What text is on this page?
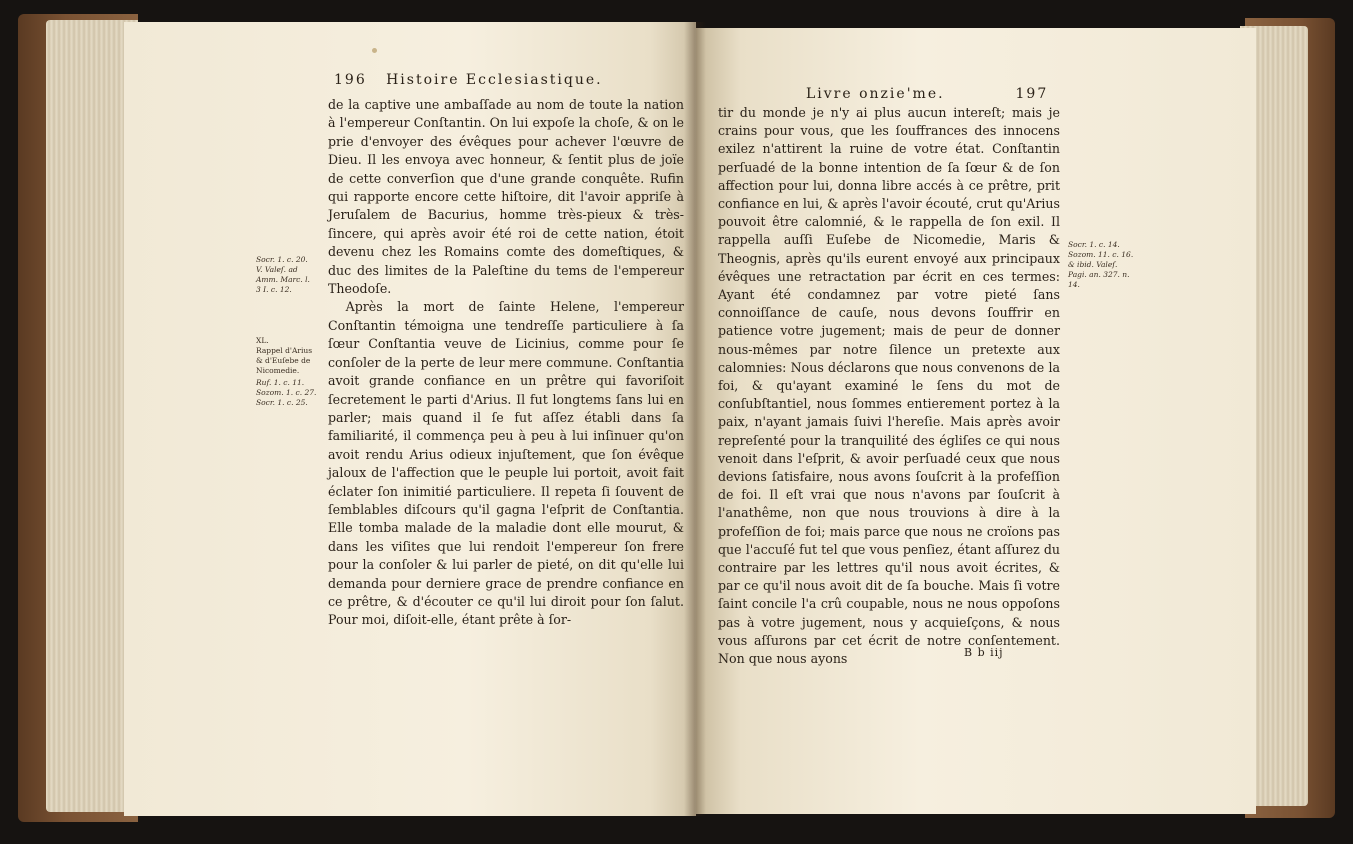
196 Histoire Ecclesiastique.

de la captive une ambaſſade au nom de toute la nation à l'empereur Conſtantin. On lui expoſe la choſe, & on le prie d'envoyer des évêques pour achever l'œuvre de Dieu. Il les envoya avec honneur, & ſentit plus de joïe de cette converſion que d'une grande conquête. Rufin qui rapporte encore cette hiſtoire, dit l'avoir appriſe à Jeruſalem de Bacurius, homme très-pieux & très-ſincere, qui après avoir été roi de cette nation, étoit devenu chez les Romains comte des domeſtiques, & duc des limites de la Paleſtine du tems de l'empereur Theodoſe.

Après la mort de ſainte Helene, l'empereur Conſtantin témoigna une tendreſſe particuliere à ſa ſœur Conſtantia veuve de Licinius, comme pour ſe conſoler de la perte de leur mere commune. Conſtantia avoit grande confiance en un prêtre qui favoriſoit ſecretement le parti d'Arius. Il fut longtems ſans lui en parler; mais quand il ſe fut aſſez établi dans ſa familiarité, il commença peu à peu à lui inſinuer qu'on avoit rendu Arius odieux injuſtement, que ſon évêque jaloux de l'affection que le peuple lui portoit, avoit fait éclater ſon inimitié particuliere. Il repeta ſi ſouvent de ſemblables diſcours qu'il gagna l'eſprit de Conſtantia. Elle tomba malade de la maladie dont elle mourut, & dans les viſites que lui rendoit l'empereur ſon frere pour la conſoler & lui parler de pieté, on dit qu'elle lui demanda pour derniere grace de prendre confiance en ce prêtre, & d'écouter ce qu'il lui diroit pour ſon ſalut. Pour moi, diſoit-elle, étant prête à ſor-

Socr. 1. c. 20.
V. Valeſ. ad
Amm. Marc. l.
3 I. c. 12.
XL.
Rappel d'Arius
& d'Euſebe de
Nicomedie.
Ruf. 1. c. 11.
Sozom. 1. c. 27.
Socr. 1. c. 25.
Livre onzie'me.	197

tir du monde je n'y ai plus aucun intereſt; mais je crains pour vous, que les ſouffrances des innocens exilez n'attirent la ruine de votre état. Conſtantin perſuadé de la bonne intention de ſa ſœur & de ſon affection pour lui, donna libre accés à ce prêtre, prit confiance en lui, & après l'avoir écouté, crut qu'Arius pouvoit être calomnié, & le rappella de ſon exil. Il rappella auſſi Euſebe de Nicomedie, Maris & Theognis, après qu'ils eurent envoyé aux principaux évêques une retractation par écrit en ces termes: Ayant été condamnez par votre pieté ſans connoiſſance de cauſe, nous devons ſouffrir en patience votre jugement; mais de peur de donner nous-mêmes par notre ſilence un pretexte aux calomnies: Nous déclarons que nous convenons de la foi, & qu'ayant examiné le ſens du mot de conſubſtantiel, nous ſommes entierement portez à la paix, n'ayant jamais ſuivi l'hereſie. Mais après avoir repreſenté pour la tranquilité des égliſes ce qui nous venoit dans l'eſprit, & avoir perſuadé ceux que nous devions ſatisfaire, nous avons ſouſcrit à la profeſſion de foi. Il eſt vrai que nous n'avons par ſouſcrit à l'anathême, non que nous trouvions à dire à la profeſſion de foi; mais parce que nous ne croïons pas que l'accuſé fut tel que vous penſiez, étant aſſurez du contraire par les lettres qu'il nous avoit écrites, & par ce qu'il nous avoit dit de ſa bouche. Mais ſi votre ſaint concile l'a crû coupable, nous ne nous oppoſons pas à votre jugement, nous y acquieſçons, & nous vous aſſurons par cet écrit de notre conſentement. Non que nous ayons

Socr. 1. c. 14.
Sozom. 11. c. 16.
& ibid. Valeſ.
Pagi. an. 327. n.
14.
B b iij
